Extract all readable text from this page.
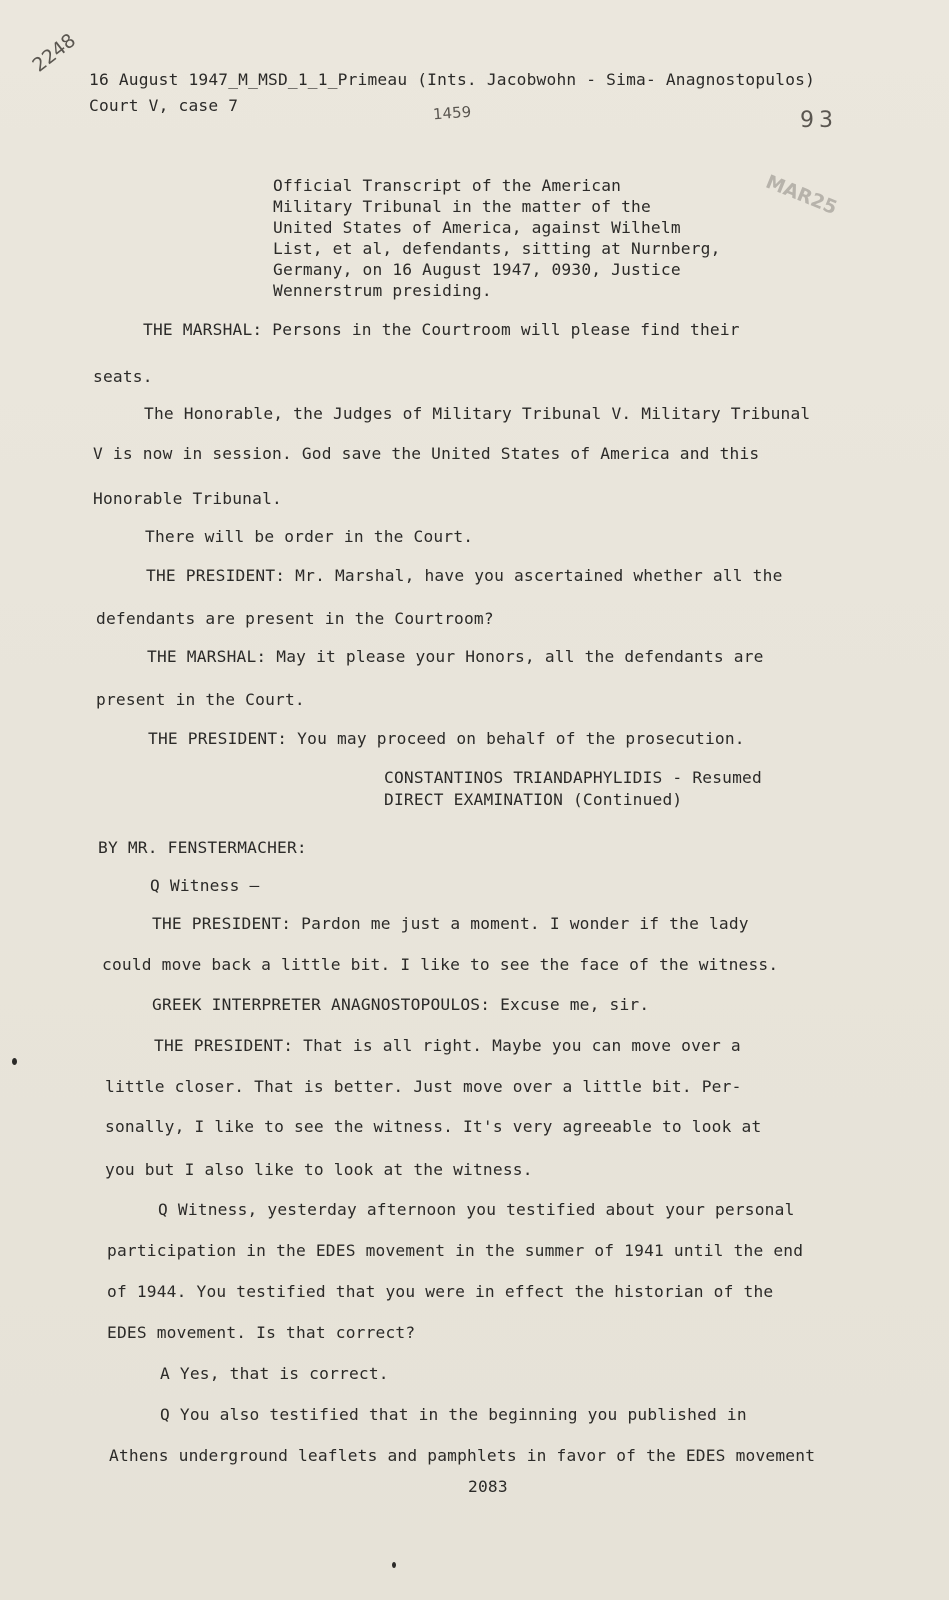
2248
1459	93
MAR25
16 August 1947_M_MSD_1_1_Primeau (Ints. Jacobwohn - Sima- Anagnostopulos)
Court V, case 7
Official Transcript of the American
Military Tribunal in the matter of the
United States of America, against Wilhelm
List, et al, defendants, sitting at Nurnberg,
Germany, on 16 August 1947, 0930, Justice
Wennerstrum presiding.
THE MARSHAL: Persons in the Courtroom will please find their
seats.
The Honorable, the Judges of Military Tribunal V. Military Tribunal
V is now in session. God save the United States of America and this
Honorable Tribunal.
There will be order in the Court.
THE PRESIDENT: Mr. Marshal, have you ascertained whether all the
defendants are present in the Courtroom?
THE MARSHAL: May it please your Honors, all the defendants are
present in the Court.
THE PRESIDENT: You may proceed on behalf of the prosecution.
CONSTANTINOS TRIANDAPHYLIDIS - Resumed
DIRECT EXAMINATION (Continued)
BY MR. FENSTERMACHER:
Q Witness —
THE PRESIDENT: Pardon me just a moment. I wonder if the lady
could move back a little bit. I like to see the face of the witness.
GREEK INTERPRETER ANAGNOSTOPOULOS: Excuse me, sir.
THE PRESIDENT: That is all right. Maybe you can move over a
little closer. That is better. Just move over a little bit. Per-
sonally, I like to see the witness. It's very agreeable to look at
you but I also like to look at the witness.
Q Witness, yesterday afternoon you testified about your personal
participation in the EDES movement in the summer of 1941 until the end
of 1944. You testified that you were in effect the historian of the
EDES movement. Is that correct?
A Yes, that is correct.
Q You also testified that in the beginning you published in
Athens underground leaflets and pamphlets in favor of the EDES movement
2083
